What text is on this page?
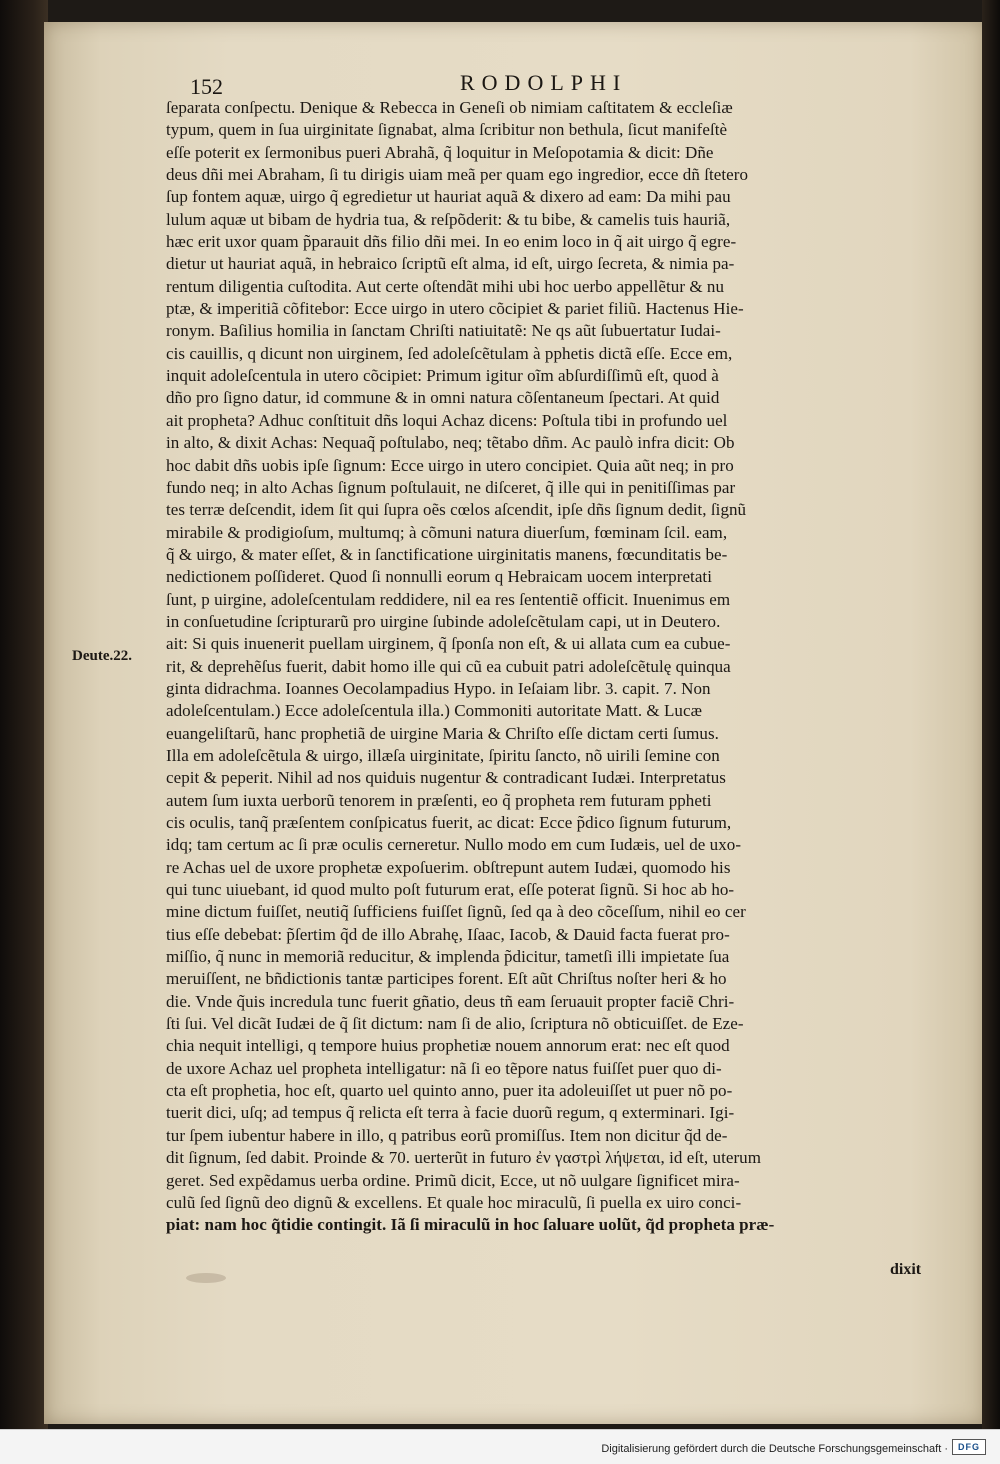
152	RODOLPHI
Deute.22.
ſeparata conſpectu. Denique & Rebecca in Geneſi ob nimiam caſtitatem & eccleſiæ
typum, quem in ſua uirginitate ſignabat, alma ſcribitur non bethula, ſicut manifeſtè
eſſe poterit ex ſermonibus pueri Abrahã, q̃ loquitur in Meſopotamia & dicit: Dñe
deus dñi mei Abraham, ſi tu dirigis uiam meã per quam ego ingredior, ecce dñ ſtetero
ſup fontem aquæ, uirgo q̃ egredietur ut hauriat aquã & dixero ad eam: Da mihi pau
lulum aquæ ut bibam de hydria tua, & reſpõderit: & tu bibe, & camelis tuis hauriã,
hæc erit uxor quam p̃parauit dñs filio dñi mei. In eo enim loco in q̃ ait uirgo q̃ egre-
dietur ut hauriat aquã, in hebraico ſcriptũ eſt alma, id eſt, uirgo ſecreta, & nimia pa-
rentum diligentia cuſtodita. Aut certe oſtendãt mihi ubi hoc uerbo appellẽtur & nu
ptæ, & imperitiã cõfitebor: Ecce uirgo in utero cõcipiet & pariet filiũ. Hactenus Hie-
ronym. Baſilius homilia in ſanctam Chriſti natiuitatẽ: Ne qs aũt ſubuertatur Iudai-
cis cauillis, q dicunt non uirginem, ſed adoleſcẽtulam à pphetis dictã eſſe. Ecce em,
inquit adoleſcentula in utero cõcipiet: Primum igitur oĩm abſurdiſſimũ eſt, quod à
dño pro ſigno datur, id commune & in omni natura cõſentaneum ſpectari. At quid
ait propheta? Adhuc conſtituit dñs loqui Achaz dicens: Poſtula tibi in profundo uel
in alto, & dixit Achas: Nequaq̃ poſtulabo, neq; tẽtabo dñm. Ac paulò infra dicit: Ob
hoc dabit dñs uobis ipſe ſignum: Ecce uirgo in utero concipiet. Quia aũt neq; in pro
fundo neq; in alto Achas ſignum poſtulauit, ne diſceret, q̃ ille qui in penitiſſimas par
tes terræ deſcendit, idem ſit qui ſupra oẽs cœlos aſcendit, ipſe dñs ſignum dedit, ſignũ
mirabile & prodigioſum, multumq; à cõmuni natura diuerſum, fœminam ſcil. eam,
q̃ & uirgo, & mater eſſet, & in ſanctificatione uirginitatis manens, fœcunditatis be-
nedictionem poſſideret. Quod ſi nonnulli eorum q Hebraicam uocem interpretati
ſunt, p uirgine, adoleſcentulam reddidere, nil ea res ſententiẽ officit. Inuenimus em
in conſuetudine ſcripturarũ pro uirgine ſubinde adoleſcẽtulam capi, ut in Deutero.
ait: Si quis inuenerit puellam uirginem, q̃ ſponſa non eſt, & ui allata cum ea cubue-
rit, & deprehẽſus fuerit, dabit homo ille qui cũ ea cubuit patri adoleſcẽtulę quinqua
ginta didrachma. Ioannes Oecolampadius Hypo. in Ieſaiam libr. 3. capit. 7. Non
adoleſcentulam.) Ecce adoleſcentula illa.) Commoniti autoritate Matt. & Lucæ
euangeliſtarũ, hanc prophetiã de uirgine Maria & Chriſto eſſe dictam certi ſumus.
Illa em adoleſcẽtula & uirgo, illæſa uirginitate, ſpiritu ſancto, nõ uirili ſemine con
cepit & peperit. Nihil ad nos quiduis nugentur & contradicant Iudæi. Interpretatus
autem ſum iuxta uerborũ tenorem in præſenti, eo q̃ propheta rem futuram ppheti
cis oculis, tanq̃ præſentem conſpicatus fuerit, ac dicat: Ecce p̃dico ſignum futurum,
idq; tam certum ac ſi præ oculis cerneretur. Nullo modo em cum Iudæis, uel de uxo-
re Achas uel de uxore prophetæ expoſuerim. obſtrepunt autem Iudæi, quomodo his
qui tunc uiuebant, id quod multo poſt futurum erat, eſſe poterat ſignũ. Si hoc ab ho-
mine dictum fuiſſet, neutiq̃ ſufficiens fuiſſet ſignũ, ſed qa à deo cõceſſum, nihil eo cer
tius eſſe debebat: p̃ſertim q̃d de illo Abrahę, Iſaac, Iacob, & Dauid facta fuerat pro-
miſſio, q̃ nunc in memoriã reducitur, & implenda p̃dicitur, tametſi illi impietate ſua
meruiſſent, ne bñdictionis tantæ participes forent. Eſt aũt Chriſtus noſter heri & ho
die. Vnde q̃uis incredula tunc fuerit gñatio, deus tñ eam ſeruauit propter faciẽ Chri-
ſti ſui. Vel dicãt Iudæi de q̃ ſit dictum: nam ſi de alio, ſcriptura nõ obticuiſſet. de Eze-
chia nequit intelligi, q tempore huius prophetiæ nouem annorum erat: nec eſt quod
de uxore Achaz uel propheta intelligatur: nã ſi eo tẽpore natus fuiſſet puer quo di-
cta eſt prophetia, hoc eſt, quarto uel quinto anno, puer ita adoleuiſſet ut puer nõ po-
tuerit dici, uſq; ad tempus q̃ relicta eſt terra à facie duorũ regum, q exterminari. Igi-
tur ſpem iubentur habere in illo, q patribus eorũ promiſſus. Item non dicitur q̃d de-
dit ſignum, ſed dabit. Proinde & 70. uerterũt in futuro ἐν γαστρὶ λήψεται, id eſt, uterum
geret. Sed expẽdamus uerba ordine. Primũ dicit, Ecce, ut nõ uulgare ſignificet mira-
culũ ſed ſignũ deo dignũ & excellens. Et quale hoc miraculũ, ſi puella ex uiro conci-
piat: nam hoc q̃tidie contingit. Iã ſi miraculũ in hoc ſaluare uolũt, q̃d propheta præ-
dixit
Digitalisierung gefördert durch die Deutsche Forschungsgemeinschaft ·	DFG
